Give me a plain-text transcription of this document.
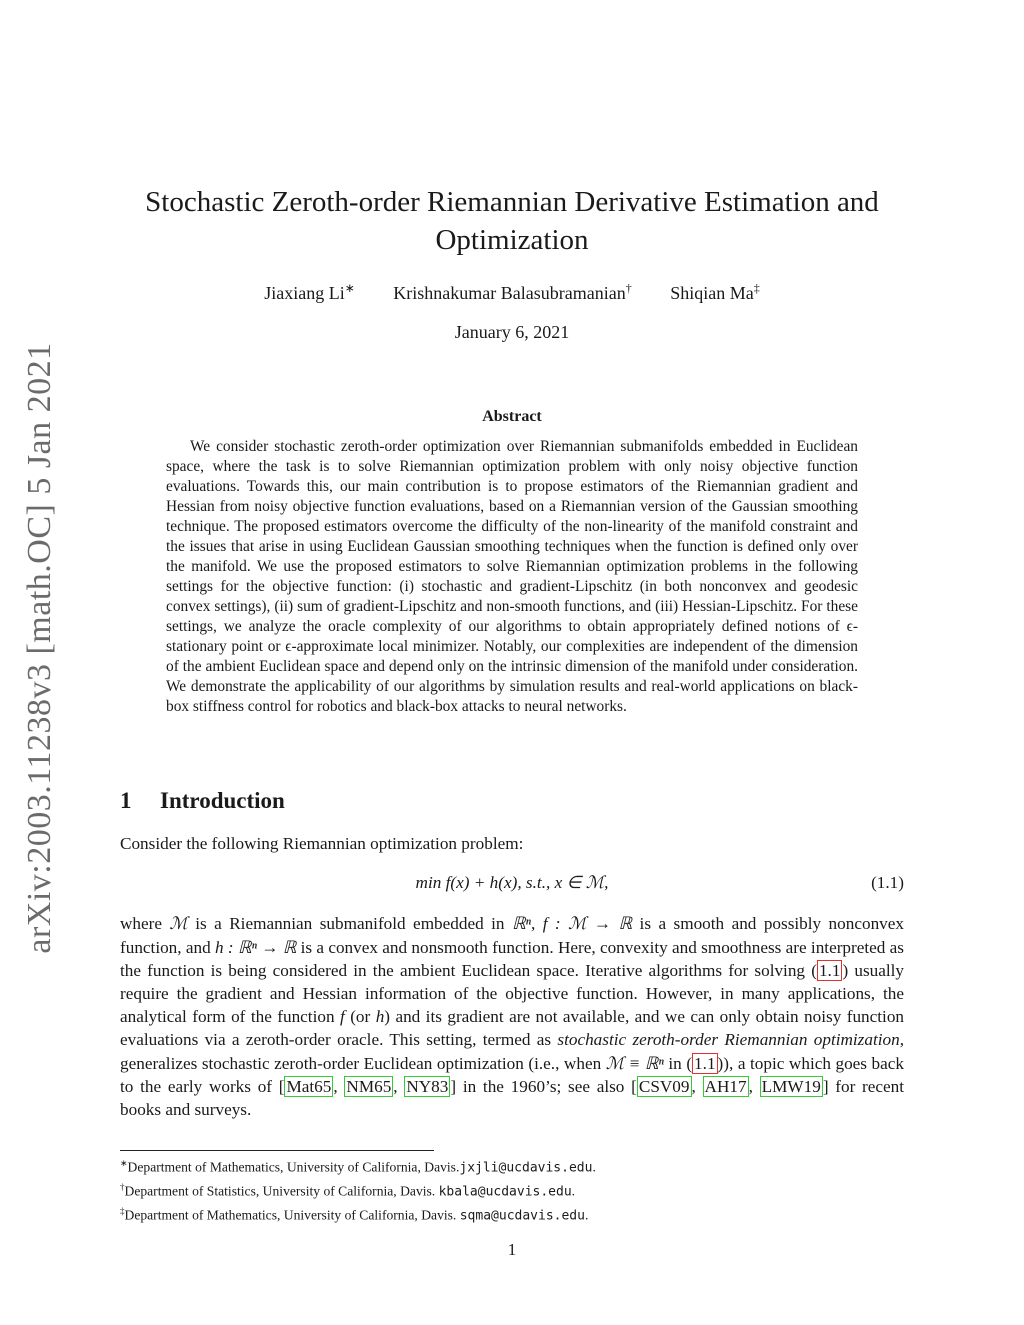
arXiv:2003.11238v3 [math.OC] 5 Jan 2021
Stochastic Zeroth-order Riemannian Derivative Estimation and
Optimization
Jiaxiang Li∗ Krishnakumar Balasubramanian† Shiqian Ma‡
January 6, 2021
Abstract
We consider stochastic zeroth-order optimization over Riemannian submanifolds embedded in Euclidean space, where the task is to solve Riemannian optimization problem with only noisy objective function evaluations. Towards this, our main contribution is to propose estimators of the Riemannian gradient and Hessian from noisy objective function evaluations, based on a Riemannian version of the Gaussian smoothing technique. The proposed estimators overcome the difficulty of the non-linearity of the manifold constraint and the issues that arise in using Euclidean Gaussian smoothing techniques when the function is defined only over the manifold. We use the proposed estimators to solve Riemannian optimization problems in the following settings for the objective function: (i) stochastic and gradient-Lipschitz (in both nonconvex and geodesic convex settings), (ii) sum of gradient-Lipschitz and non-smooth functions, and (iii) Hessian-Lipschitz. For these settings, we analyze the oracle complexity of our algorithms to obtain appropriately defined notions of ϵ-stationary point or ϵ-approximate local minimizer. Notably, our complexities are independent of the dimension of the ambient Euclidean space and depend only on the intrinsic dimension of the manifold under consideration. We demonstrate the applicability of our algorithms by simulation results and real-world applications on black-box stiffness control for robotics and black-box attacks to neural networks.
1 Introduction
Consider the following Riemannian optimization problem:
min f(x) + h(x), s.t., x ∈ ℳ,	(1.1)
where ℳ is a Riemannian submanifold embedded in ℝⁿ, f : ℳ → ℝ is a smooth and possibly nonconvex function, and h : ℝⁿ → ℝ is a convex and nonsmooth function. Here, convexity and smoothness are interpreted as the function is being considered in the ambient Euclidean space. Iterative algorithms for solving ( 1.1 ) usually require the gradient and Hessian information of the objective function. However, in many applications, the analytical form of the function f (or h) and its gradient are not available, and we can only obtain noisy function evaluations via a zeroth-order oracle. This setting, termed as stochastic zeroth-order Riemannian optimization, generalizes stochastic zeroth-order Euclidean optimization (i.e., when ℳ ≡ ℝⁿ in ( 1.1 )), a topic which goes back to the early works of [ Mat65 , NM65 , NY83 ] in the 1960’s; see also [ CSV09 , AH17 , LMW19 ] for recent books and surveys.
∗Department of Mathematics, University of California, Davis.jxjli@ucdavis.edu.
†Department of Statistics, University of California, Davis. kbala@ucdavis.edu.
‡Department of Mathematics, University of California, Davis. sqma@ucdavis.edu.
1
